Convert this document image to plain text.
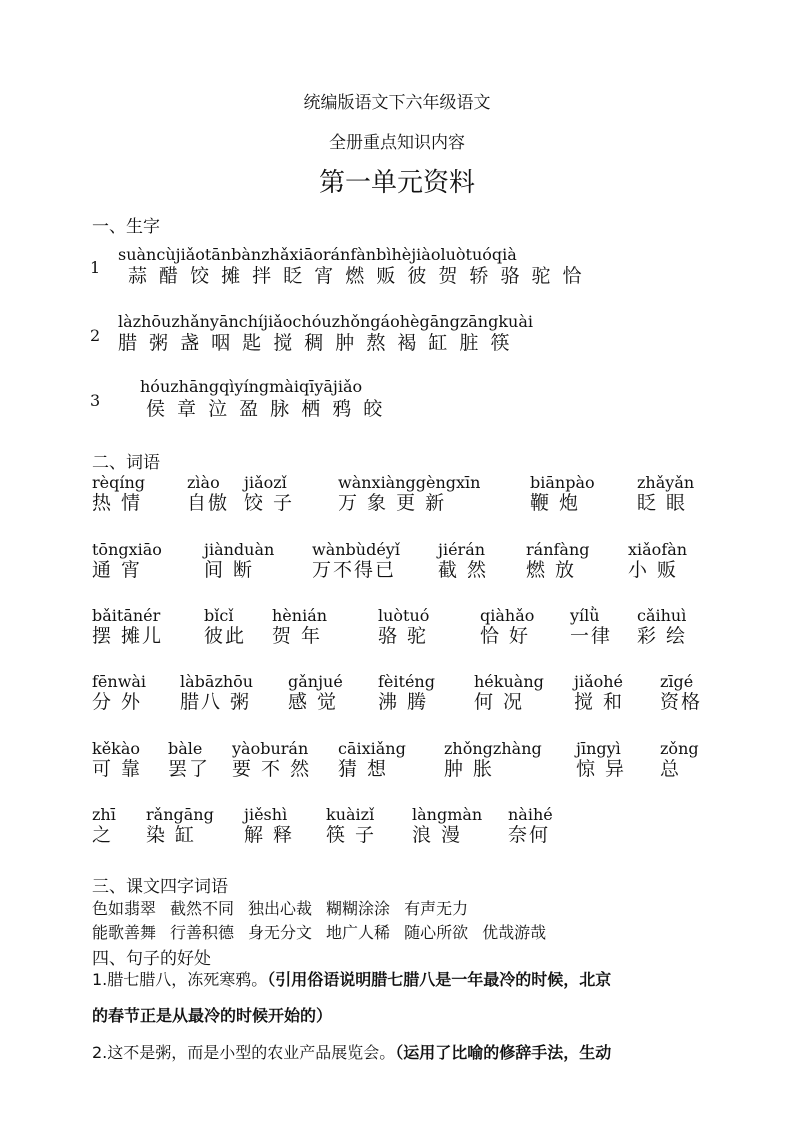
统编版语文下六年级语文
全册重点知识内容
第一单元资料
一、生字
suàncùjiǎotānbànzhǎxiāoránfànbìhèjiàoluòtuóqià
1 蒜 醋 饺 摊 拌 眨 宵 燃 贩 彼 贺 轿 骆 驼 恰
làzhōuzhǎnyānchíjiǎochóuzhǒngáohègāngzāngkuài
2 腊 粥 盏 咽 匙 搅 稠 肿 熬 褐 缸 脏 筷
hóuzhāngqìyíngmàiqīyājiǎo
3 侯 章 泣 盈 脉 栖 鸦 皎
二、词语
rèqíng
热 情
zìào
自傲
jiǎozǐ
饺 子
wànxiànggèngxīn
万 象 更 新
biānpào
鞭 炮
zhǎyǎn
眨 眼
tōngxiāo
通 宵
jiànduàn
间 断
wànbùdéyǐ
万不得已
jiérán
截 然
ránfàng
燃 放
xiǎofàn
小 贩
bǎitānér
摆 摊儿
bǐcǐ
彼此
hènián
贺 年
luòtuó
骆 驼
qiàhǎo
恰 好
yílǜ
一律
cǎihuì
彩 绘
fēnwài
分 外
làbāzhōu
腊八 粥
gǎnjué
感 觉
fèiténg
沸 腾
hékuàng
何 况
jiǎohé
搅 和
zīgé
资格
kěkào
可 靠
bàle
罢了
yàoburán
要 不 然
cāixiǎng
猜 想
zhǒngzhàng
肿 胀
jīngyì
惊 异
zǒng
总
zhī
之
rǎngāng
染 缸
jiěshì
解 释
kuàizǐ
筷 子
làngmàn
浪 漫
nàihé
奈何
三、课文四字词语
色如翡翠 截然不同 独出心裁 糊糊涂涂 有声无力
能歌善舞 行善积德 身无分文 地广人稀 随心所欲 优哉游哉
四、句子的好处
1.腊七腊八，冻死寒鸦。（引用俗语说明腊七腊八是一年最冷的时候，北京
的春节正是从最冷的时候开始的）
2.这不是粥，而是小型的农业产品展览会。（运用了比喻的修辞手法，生动
